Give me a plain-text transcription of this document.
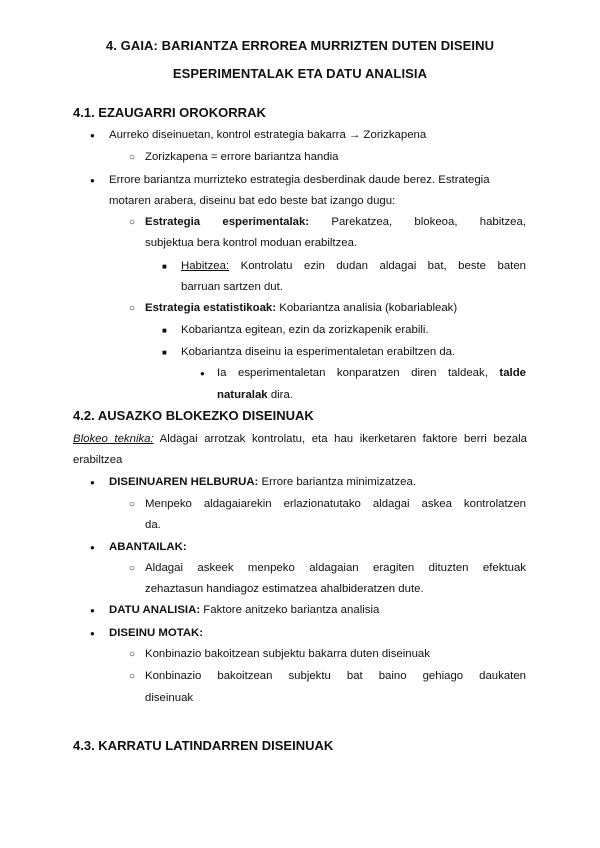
4. GAIA: BARIANTZA ERROREA MURRIZTEN DUTEN DISEINU
ESPERIMENTALAK ETA DATU ANALISIA
4.1. EZAUGARRI OROKORRAK
●
Aurreko diseinuetan, kontrol estrategia bakarra → Zorizkapena
○
Zorizkapena = errore bariantza handia
●
Errore bariantza murrizteko estrategia desberdinak daude berez. Estrategia
motaren arabera, diseinu bat edo beste bat izango dugu:
○
Estrategia esperimentalak: Parekatzea, blokeoa, habitzea,
subjektua bera kontrol moduan erabiltzea.
■
Habitzea: Kontrolatu ezin dudan aldagai bat, beste baten
barruan sartzen dut.
○
Estrategia estatistikoak: Kobariantza analisia (kobariableak)
■
Kobariantza egitean, ezin da zorizkapenik erabili.
■
Kobariantza diseinu ia esperimentaletan erabiltzen da.
●
Ia esperimentaletan konparatzen diren taldeak, talde
naturalak dira.
4.2. AUSAZKO BLOKEZKO DISEINUAK
Blokeo teknika: Aldagai arrotzak kontrolatu, eta hau ikerketaren faktore berri bezala
erabiltzea
●
DISEINUAREN HELBURUA: Errore bariantza minimizatzea.
○
Menpeko aldagaiarekin erlazionatutako aldagai askea kontrolatzen
da.
●
ABANTAILAK:
○
Aldagai askeek menpeko aldagaian eragiten dituzten efektuak
zehaztasun handiagoz estimatzea ahalbideratzen dute.
●
DATU ANALISIA: Faktore anitzeko bariantza analisia
●
DISEINU MOTAK:
○
Konbinazio bakoitzean subjektu bakarra duten diseinuak
○
Konbinazio bakoitzean subjektu bat baino gehiago daukaten
diseinuak
4.3. KARRATU LATINDARREN DISEINUAK
